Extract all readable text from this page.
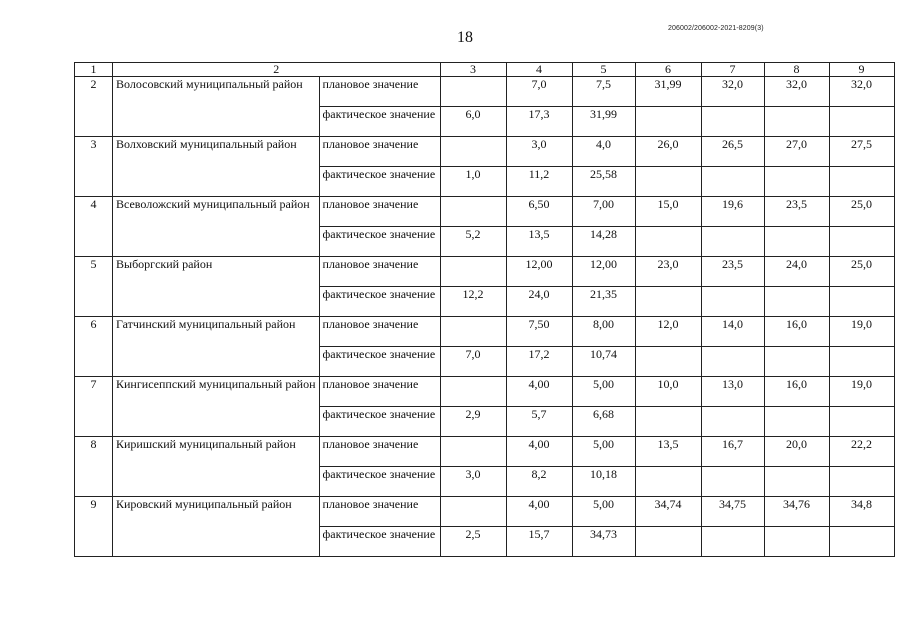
18
206002/206002-2021-8209(3)
1	2		3	4	5	6	7	8	9
2	Волосовский муниципальный район	плановое значение		7,0	7,5	31,99	32,0	32,0	32,0
		фактическое значение	6,0	17,3	31,99				
3	Волховский муниципальный район	плановое значение		3,0	4,0	26,0	26,5	27,0	27,5
		фактическое значение	1,0	11,2	25,58				
4	Всеволожский муниципальный район	плановое значение		6,50	7,00	15,0	19,6	23,5	25,0
		фактическое значение	5,2	13,5	14,28				
5	Выборгский район	плановое значение		12,00	12,00	23,0	23,5	24,0	25,0
		фактическое значение	12,2	24,0	21,35				
6	Гатчинский муниципальный район	плановое значение		7,50	8,00	12,0	14,0	16,0	19,0
		фактическое значение	7,0	17,2	10,74				
7	Кингисеппский муниципальный район	плановое значение		4,00	5,00	10,0	13,0	16,0	19,0
		фактическое значение	2,9	5,7	6,68				
8	Киришский муниципальный район	плановое значение		4,00	5,00	13,5	16,7	20,0	22,2
		фактическое значение	3,0	8,2	10,18				
9	Кировский муниципальный район	плановое значение		4,00	5,00	34,74	34,75	34,76	34,8
		фактическое значение	2,5	15,7	34,73				
